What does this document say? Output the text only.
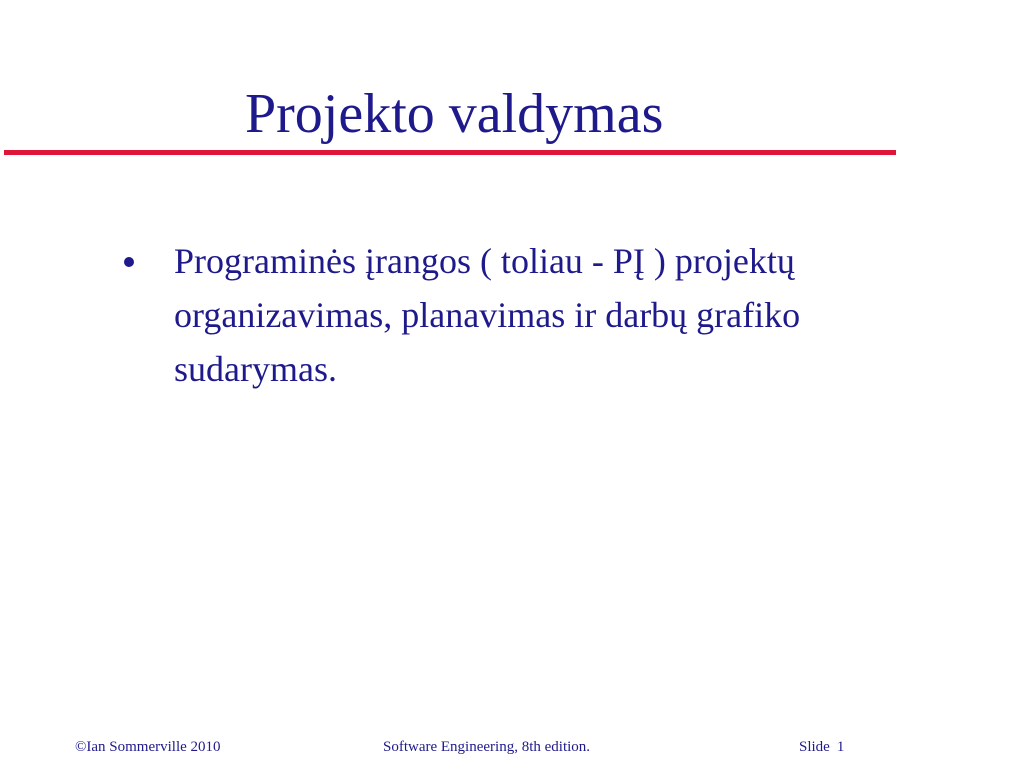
Projekto valdymas
Programinės įrangos ( toliau - PĮ ) projektų
organizavimas, planavimas ir darbų grafiko
sudarymas.
©Ian Sommerville 2010	Software Engineering, 8th edition.	Slide 1
